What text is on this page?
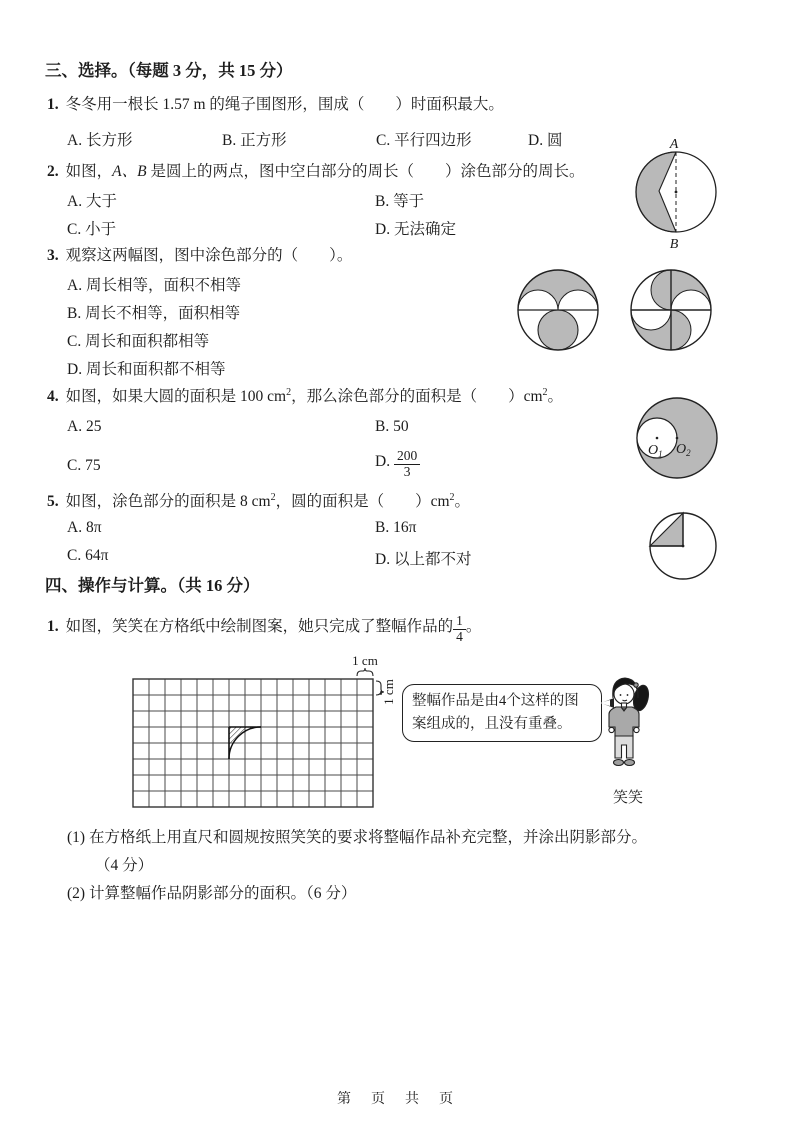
三、选择。（每题 3 分，共 15 分）
1. 冬冬用一根长 1.57 m 的绳子围图形，围成（　　）时面积最大。
A. 长方形	B. 正方形	C. 平行四边形	D. 圆
2. 如图，A、B 是圆上的两点，图中空白部分的周长（　　）涂色部分的周长。
A. 大于	B. 等于
C. 小于	D. 无法确定
A
B
3. 观察这两幅图，图中涂色部分的（　　）。
A. 周长相等，面积不相等
B. 周长不相等，面积相等
C. 周长和面积都相等
D. 周长和面积都不相等
4. 如图，如果大圆的面积是 100 $cm^2$，那么涂色部分的面积是（　　）$cm^2$。
A. 25	B. 50
C. 75	D. $\frac{200}{3}$	$O_1$ $O_2$
5. 如图，涂色部分的面积是 8 $cm^2$，圆的面积是（　　）$cm^2$。
A. 8π	B. 16π
C. 64π	D. 以上都不对
四、操作与计算。（共 16 分）
1. 如图，笑笑在方格纸中绘制图案，她只完成了整幅作品的 $\frac{1}{4}$ 。
1 cm
1 cm	整幅作品是由4个这样的图案组成的，且没有重叠。
笑笑
(1) 在方格纸上用直尺和圆规按照笑笑的要求将整幅作品补充完整，并涂出阴影部分。
（4 分）
(2) 计算整幅作品阴影部分的面积。（6 分）
第　页　共　页
